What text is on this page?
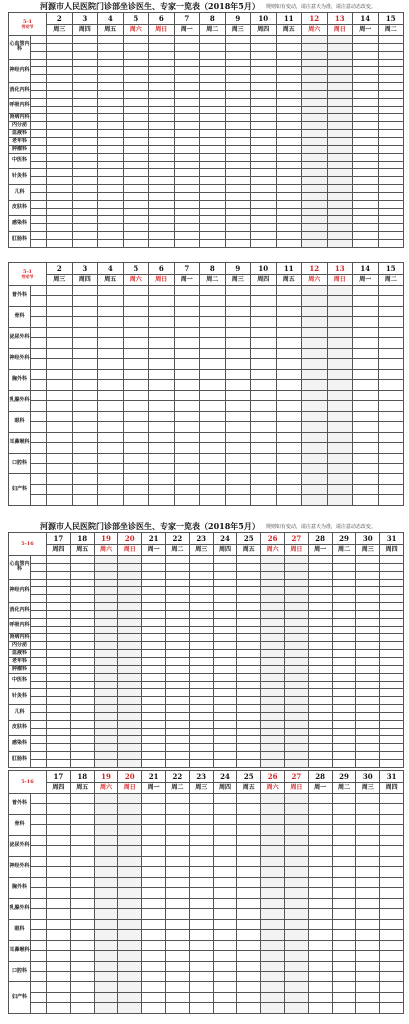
河源市人民医院门诊部坐诊医生、专家一览表（2018年5月） 规则如有变动，请注意天为准，请注意动态改变。
河源市人民医院门诊部坐诊医生、专家一览表（2018年5月） 规则如有变动，请注意天为准，请注意动态改变。
5-1
劳动节		2	3	4	5	6	7	8	9	10	11	12	13	14	15
		周三	周四	周五	周六	周日	周一	周二	周三	周四	周五	周六	周日	周一	周二
心血管内科															

神经内科															

消化内科															

呼吸内科															

肾病内科															
内分泌															
血液科															
老年科															
肿瘤科															
中医科															

针灸科															

儿科															

皮肤科															

感染科															

肛肠科															

5-1
劳动节		2	3	4	5	6	7	8	9	10	11	12	13	14	15
		周三	周四	周五	周六	周日	周一	周二	周三	周四	周五	周六	周日	周一	周二
普外科															

骨科															

泌尿外科															

神经外科															

胸外科															

乳腺外科															

眼科															

耳鼻喉科															

口腔科															

妇产科															

5-16		17	18	19	20	21	22	23	24	25	26	27	28	29	30	31
		周四	周五	周六	周日	周一	周二	周三	周四	周五	周六	周日	周一	周二	周三	周四
心血管内科																

神经内科																

消化内科																

呼吸内科																

肾病内科																
内分泌																
血液科																
老年科																
肿瘤科																
中医科																

针灸科																

儿科																

皮肤科																

感染科																

肛肠科																

5-16		17	18	19	20	21	22	23	24	25	26	27	28	29	30	31
		周四	周五	周六	周日	周一	周二	周三	周四	周五	周六	周日	周一	周二	周三	周四
普外科																

骨科																

泌尿外科																

神经外科																

胸外科																

乳腺外科																

眼科																

耳鼻喉科																

口腔科																

妇产科																
